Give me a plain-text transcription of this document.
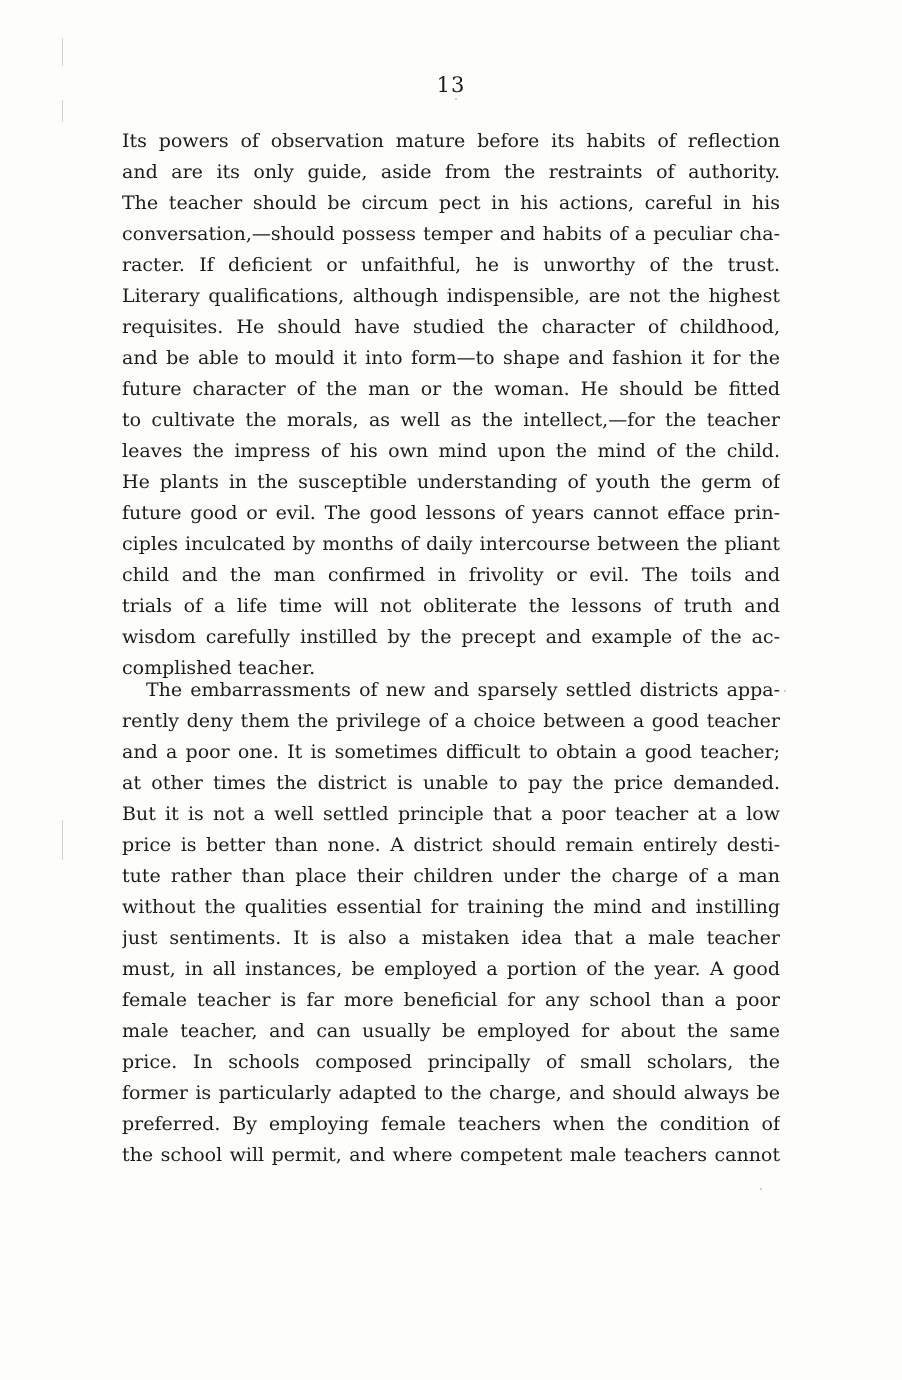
13
Its powers of observation mature before its habits of reflection
and are its only guide, aside from the restraints of authority.
The teacher should be circum pect in his actions, careful in his
conversation,—should possess temper and habits of a peculiar cha-
racter. If deficient or unfaithful, he is unworthy of the trust.
Literary qualifications, although indispensible, are not the highest
requisites. He should have studied the character of childhood,
and be able to mould it into form—to shape and fashion it for the
future character of the man or the woman. He should be fitted
to cultivate the morals, as well as the intellect,—for the teacher
leaves the impress of his own mind upon the mind of the child.
He plants in the susceptible understanding of youth the germ of
future good or evil. The good lessons of years cannot efface prin-
ciples inculcated by months of daily intercourse between the pliant
child and the man confirmed in frivolity or evil. The toils and
trials of a life time will not obliterate the lessons of truth and
wisdom carefully instilled by the precept and example of the ac-
complished teacher.
The embarrassments of new and sparsely settled districts appa-
rently deny them the privilege of a choice between a good teacher
and a poor one. It is sometimes difficult to obtain a good teacher;
at other times the district is unable to pay the price demanded.
But it is not a well settled principle that a poor teacher at a low
price is better than none. A district should remain entirely desti-
tute rather than place their children under the charge of a man
without the qualities essential for training the mind and instilling
just sentiments. It is also a mistaken idea that a male teacher
must, in all instances, be employed a portion of the year. A good
female teacher is far more beneficial for any school than a poor
male teacher, and can usually be employed for about the same
price. In schools composed principally of small scholars, the
former is particularly adapted to the charge, and should always be
preferred. By employing female teachers when the condition of
the school will permit, and where competent male teachers cannot
